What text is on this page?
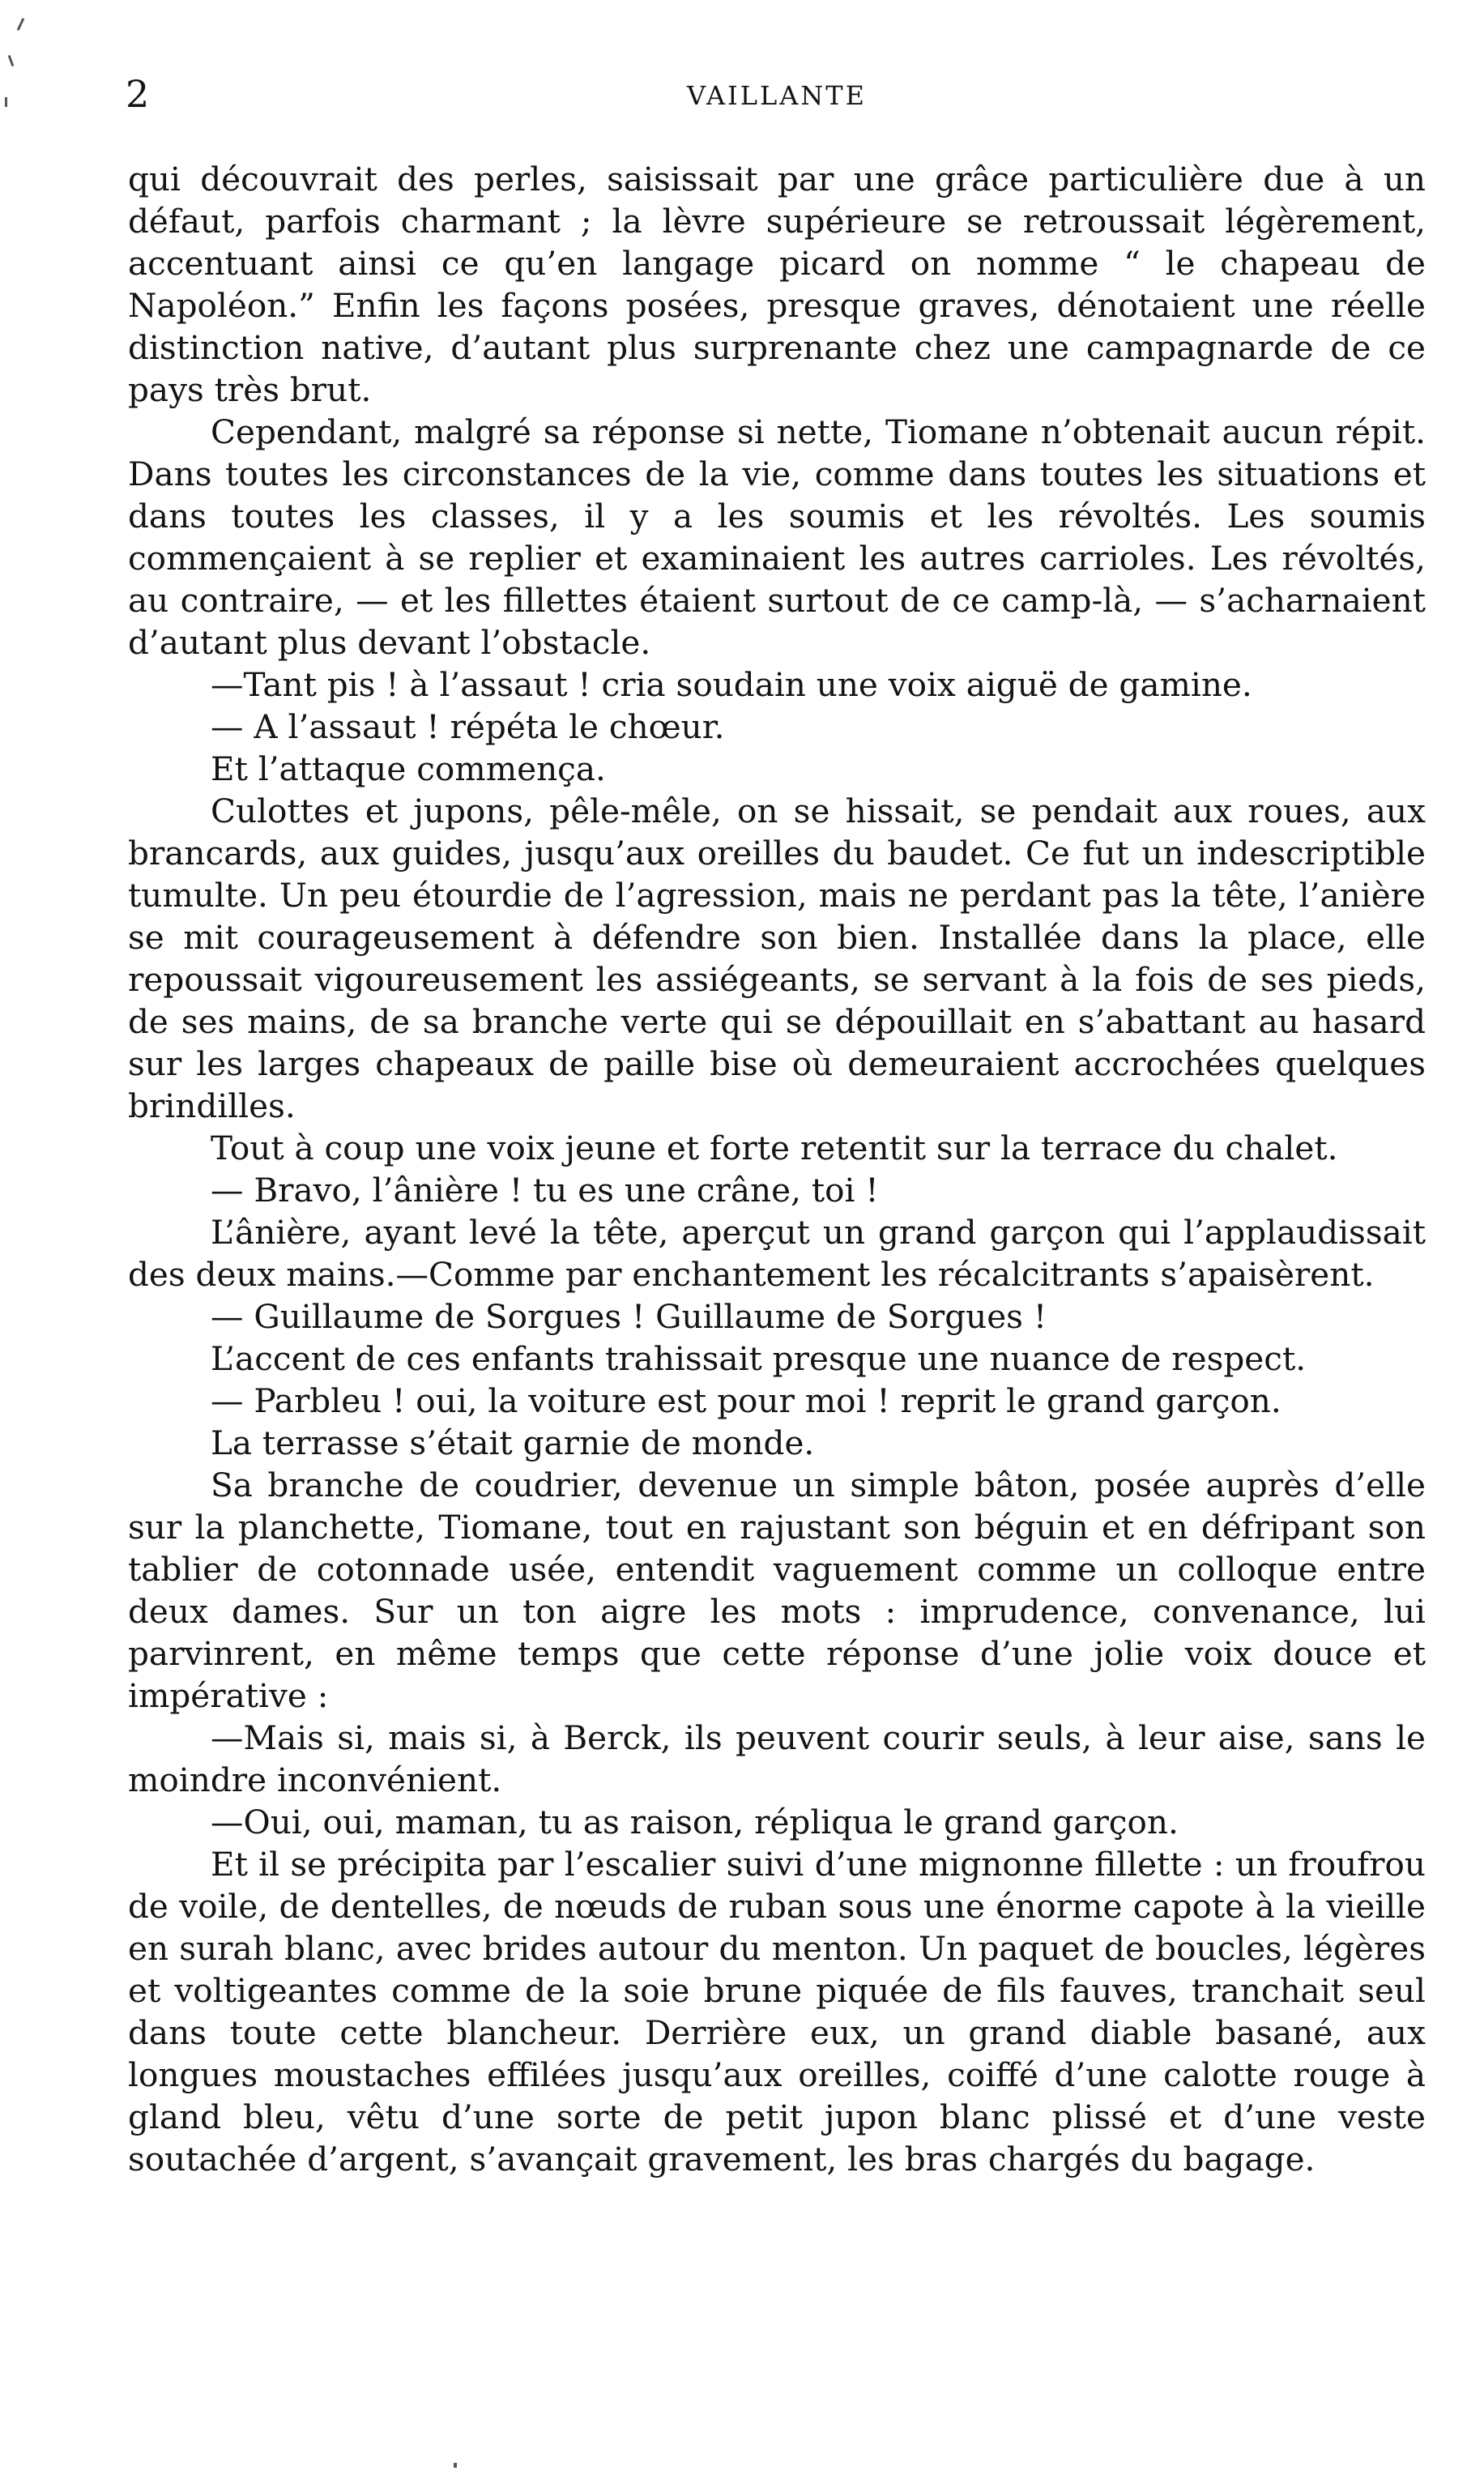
2	VAILLANTE

qui découvrait des perles, saisissait par une grâce particulière due à un défaut, parfois charmant ; la lèvre supérieure se retroussait légèrement, accentuant ainsi ce qu’en langage picard on nomme “ le chapeau de Napoléon.” Enfin les façons posées, presque graves, dénotaient une réelle distinction native, d’autant plus surprenante chez une campagnarde de ce pays très brut.

Cependant, malgré sa réponse si nette, Tiomane n’obtenait aucun répit. Dans toutes les circonstances de la vie, comme dans toutes les situations et dans toutes les classes, il y a les soumis et les révoltés. Les soumis commençaient à se replier et examinaient les autres carrioles. Les révoltés, au contraire, — et les fillettes étaient surtout de ce camp-là, — s’acharnaient d’autant plus devant l’obstacle.

—Tant pis ! à l’assaut ! cria soudain une voix aiguë de gamine.

— A l’assaut ! répéta le chœur.

Et l’attaque commença.

Culottes et jupons, pêle-mêle, on se hissait, se pendait aux roues, aux brancards, aux guides, jusqu’aux oreilles du baudet. Ce fut un indescriptible tumulte. Un peu étourdie de l’agression, mais ne perdant pas la tête, l’anière se mit courageusement à défendre son bien. Installée dans la place, elle repoussait vigoureusement les assiégeants, se servant à la fois de ses pieds, de ses mains, de sa branche verte qui se dépouillait en s’abattant au hasard sur les larges chapeaux de paille bise où demeuraient accrochées quelques brindilles.

Tout à coup une voix jeune et forte retentit sur la terrace du chalet.

— Bravo, l’ânière ! tu es une crâne, toi !

L’ânière, ayant levé la tête, aperçut un grand garçon qui l’applaudissait des deux mains.—Comme par enchantement les récalcitrants s’apaisèrent.

— Guillaume de Sorgues ! Guillaume de Sorgues !

L’accent de ces enfants trahissait presque une nuance de respect.

— Parbleu ! oui, la voiture est pour moi ! reprit le grand garçon.

La terrasse s’était garnie de monde.

Sa branche de coudrier, devenue un simple bâton, posée auprès d’elle sur la planchette, Tiomane, tout en rajustant son béguin et en défripant son tablier de cotonnade usée, entendit vaguement comme un colloque entre deux dames. Sur un ton aigre les mots : imprudence, convenance, lui parvinrent, en même temps que cette réponse d’une jolie voix douce et impérative :

—Mais si, mais si, à Berck, ils peuvent courir seuls, à leur aise, sans le moindre inconvénient.

—Oui, oui, maman, tu as raison, répliqua le grand garçon.

Et il se précipita par l’escalier suivi d’une mignonne fillette : un froufrou de voile, de dentelles, de nœuds de ruban sous une énorme capote à la vieille en surah blanc, avec brides autour du menton. Un paquet de boucles, légères et voltigeantes comme de la soie brune piquée de fils fauves, tranchait seul dans toute cette blancheur. Derrière eux, un grand diable basané, aux longues moustaches effilées jusqu’aux oreilles, coiffé d’une calotte rouge à gland bleu, vêtu d’une sorte de petit jupon blanc plissé et d’une veste soutachée d’argent, s’avançait gravement, les bras chargés du bagage.
